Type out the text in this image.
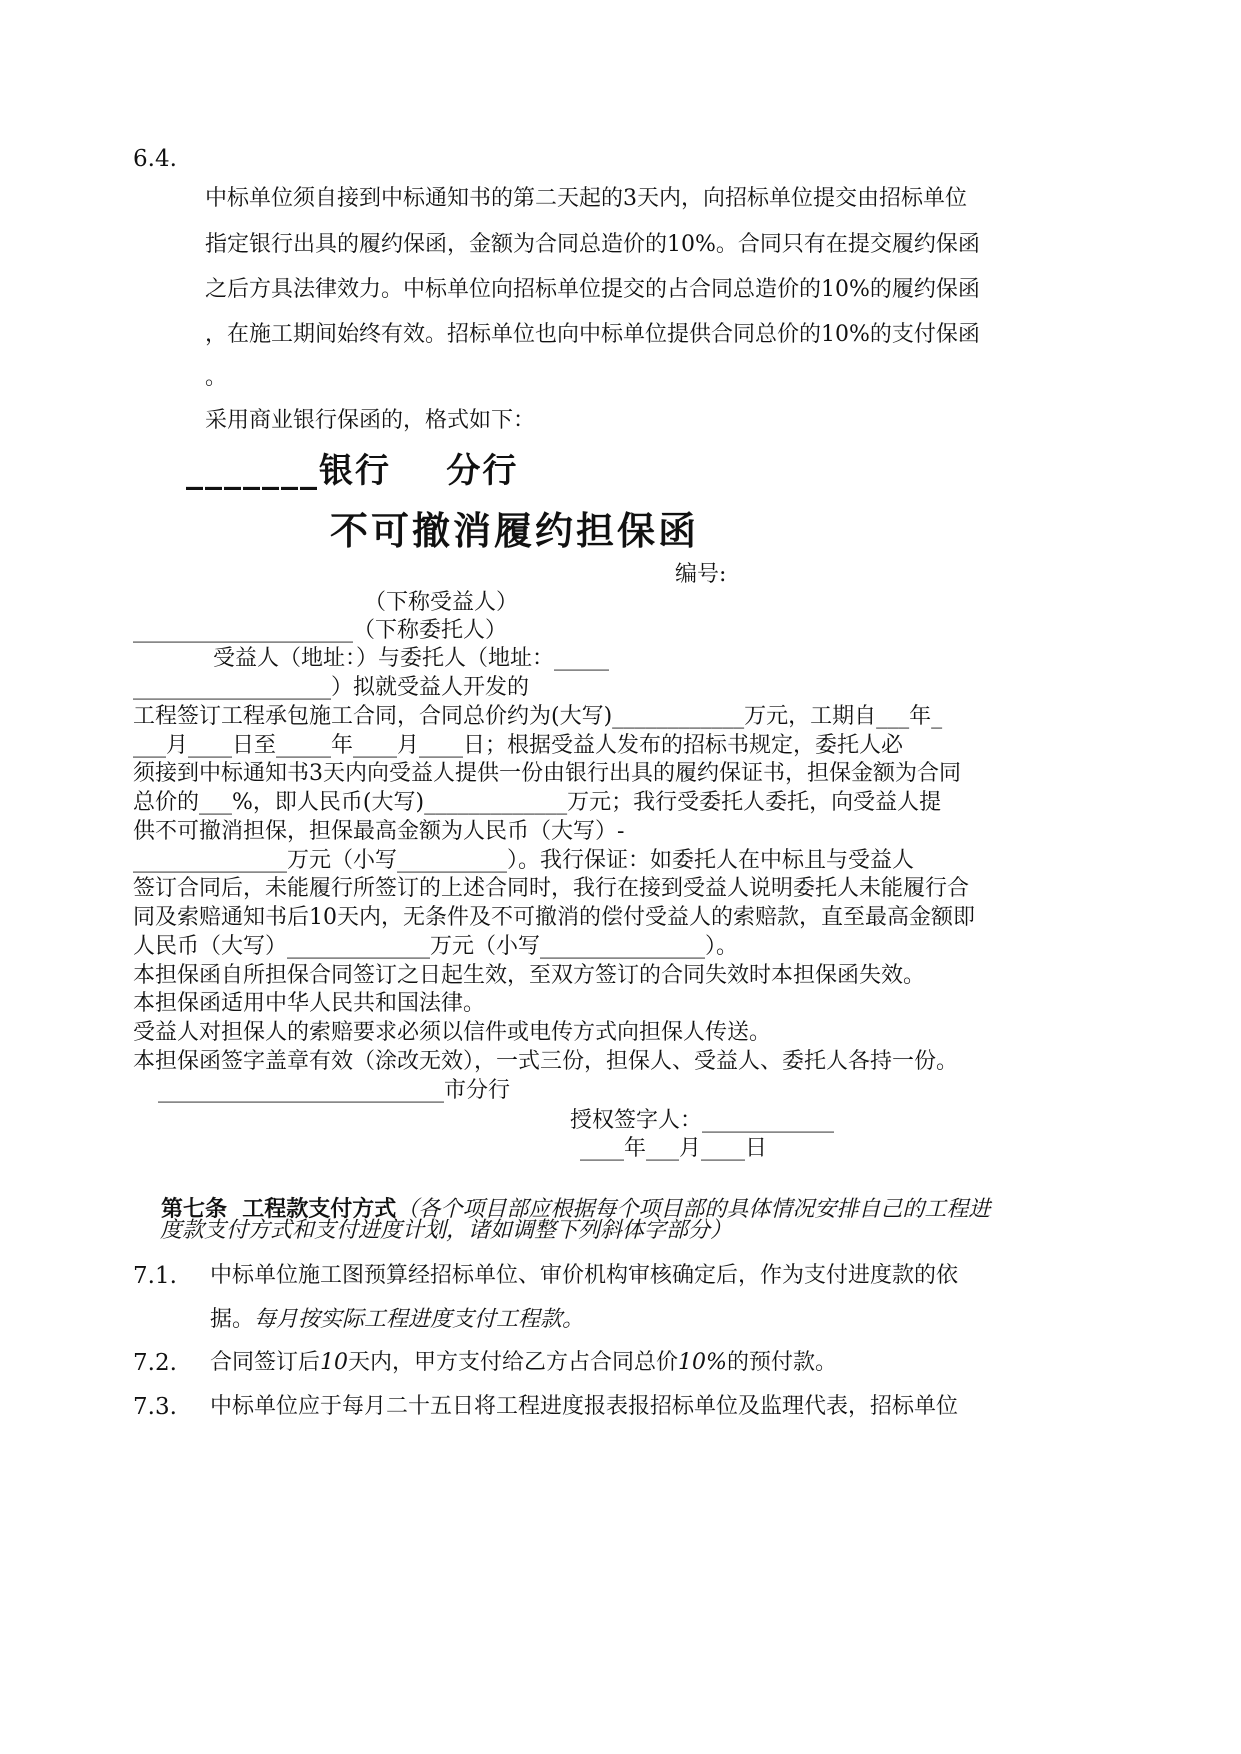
6.4.
中标单位须自接到中标通知书的第二天起的3天内，向招标单位提交由招标单位
指定银行出具的履约保函，金额为合同总造价的10%。合同只有在提交履约保函
之后方具法律效力。中标单位向招标单位提交的占合同总造价的10%的履约保函
，在施工期间始终有效。招标单位也向中标单位提供合同总价的10%的支付保函
。
采用商业银行保函的，格式如下：
_______银行    分行
不可撤消履约担保函
编号:
（下称受益人）
____________________（下称委托人）
受益人（地址：）与委托人（地址：_____
__________________）拟就受益人开发的
工程签订工程承包施工合同，合同总价约为(大写)____________万元，工期自___年_
___月____日至_____年____月____日；根据受益人发布的招标书规定，委托人必
须接到中标通知书3天内向受益人提供一份由银行出具的履约保证书，担保金额为合同
总价的___%，即人民币(大写)_____________万元；我行受委托人委托，向受益人提
供不可撤消担保，担保最高金额为人民币（大写）-
______________万元（小写__________）。我行保证：如委托人在中标且与受益人
签订合同后，未能履行所签订的上述合同时，我行在接到受益人说明委托人未能履行合
同及索赔通知书后10天内，无条件及不可撤消的偿付受益人的索赔款，直至最高金额即
人民币（大写）_____________万元（小写_______________）。
本担保函自所担保合同签订之日起生效，至双方签订的合同失效时本担保函失效。
本担保函适用中华人民共和国法律。
受益人对担保人的索赔要求必须以信件或电传方式向担保人传送。
本担保函签字盖章有效（涂改无效），一式三份，担保人、受益人、委托人各持一份。
__________________________市分行
授权签字人：____________
____年___月____日

第七条  工程款支付方式（各个项目部应根据每个项目部的具体情况安排自己的工程进

度款支付方式和支付进度计划，诸如调整下列斜体字部分）
7.1. 中标单位施工图预算经招标单位、审价机构审核确定后，作为支付进度款的依
据。每月按实际工程进度支付工程款。
7.2. 合同签订后10天内，甲方支付给乙方占合同总价10%的预付款。
7.3. 中标单位应于每月二十五日将工程进度报表报招标单位及监理代表，招标单位
